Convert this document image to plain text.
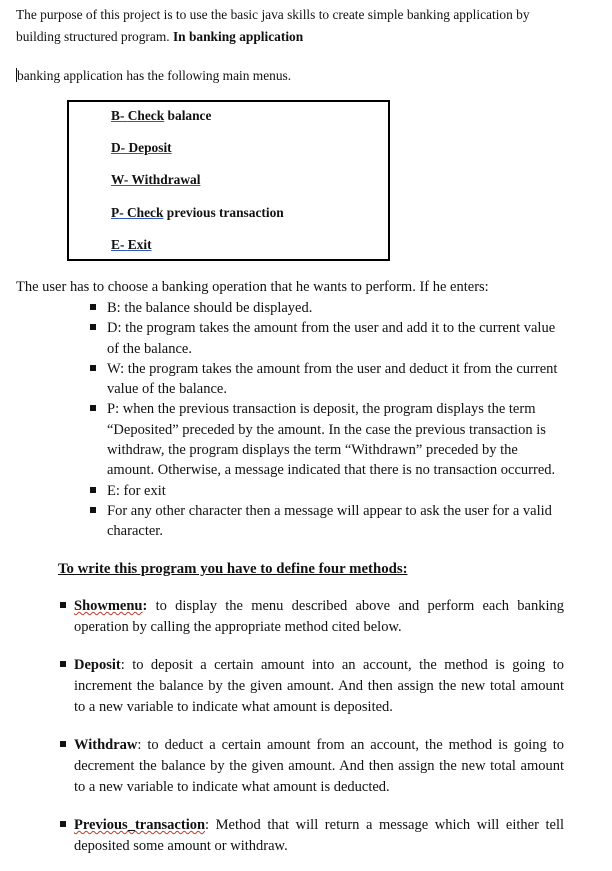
The purpose of this project is to use the basic java skills to create simple banking application by building structured program. In banking application
banking application has the following main menus.
B- Check balance
D- Deposit
W- Withdrawal
P- Check previous transaction
E- Exit
The user has to choose a banking operation that he wants to perform. If he enters:
B: the balance should be displayed.
D: the program takes the amount from the user and add it to the current value of the balance.
W: the program takes the amount from the user and deduct it from the current value of the balance.
P: when the previous transaction is deposit, the program displays the term “Deposited” preceded by the amount. In the case the previous transaction is withdraw, the program displays the term “Withdrawn” preceded by the amount. Otherwise, a message indicated that there is no transaction occurred.
E: for exit
For any other character then a message will appear to ask the user for a valid character.
To write this program you have to define four methods:
Showmenu: to display the menu described above and perform each banking operation by calling the appropriate method cited below.
Deposit: to deposit a certain amount into an account, the method is going to increment the balance by the given amount. And then assign the new total amount to a new variable to indicate what amount is deposited.
Withdraw: to deduct a certain amount from an account, the method is going to decrement the balance by the given amount. And then assign the new total amount to a new variable to indicate what amount is deducted.
Previous_transaction: Method that will return a message which will either tell deposited some amount or withdraw.
